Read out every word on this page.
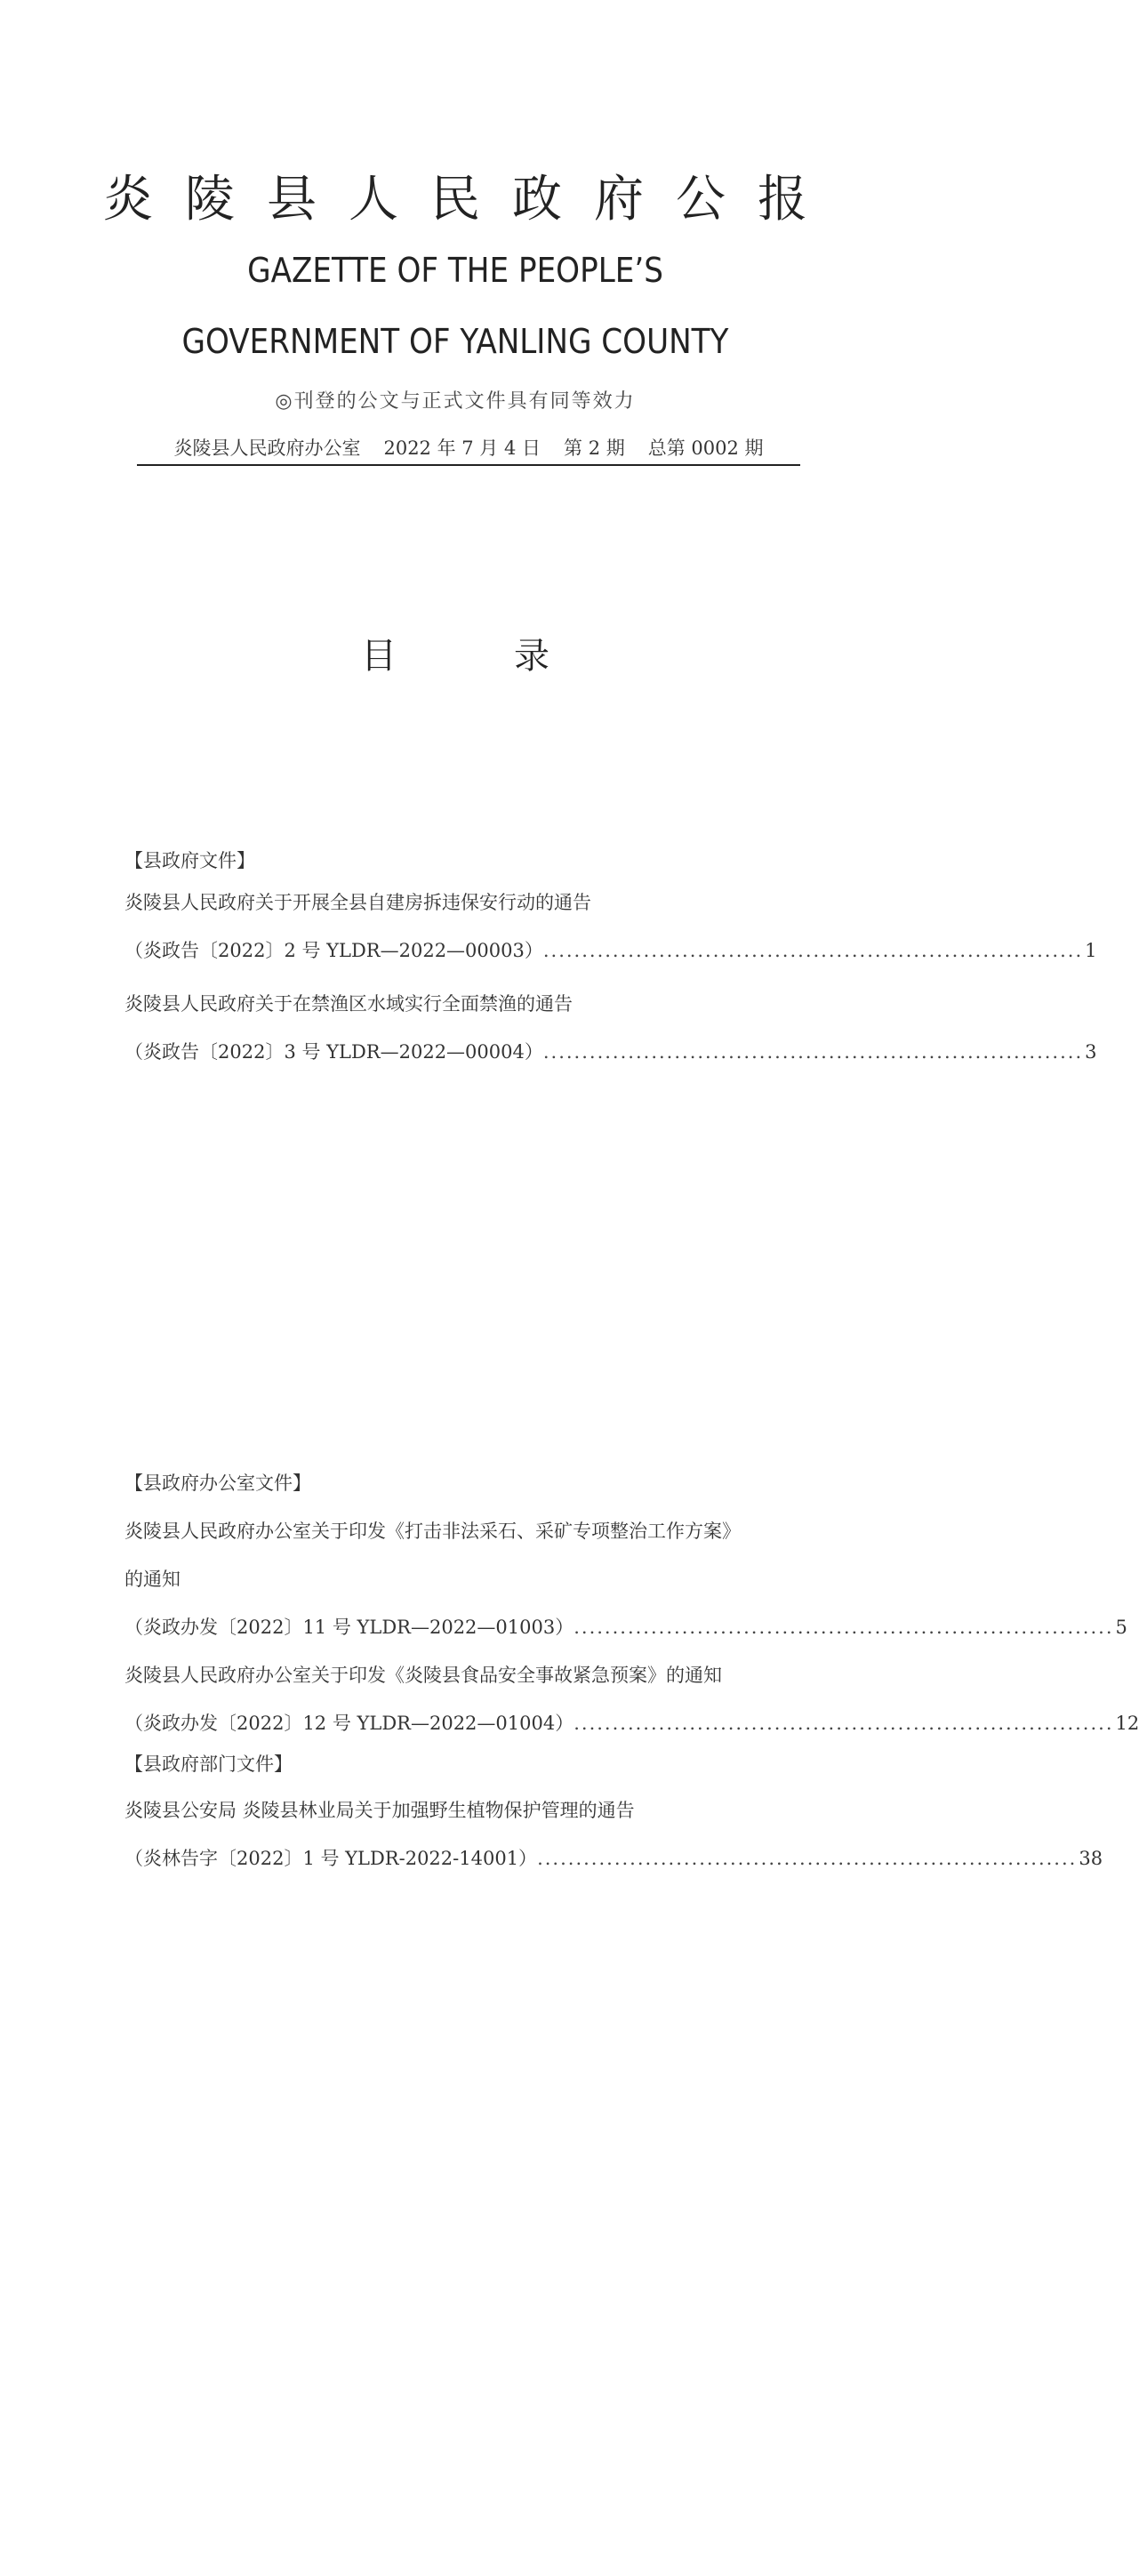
炎陵县人民政府公报
GAZETTE OF THE PEOPLE’S
GOVERNMENT OF YANLING COUNTY
◎刊登的公文与正式文件具有同等效力
炎陵县人民政府办公室 2022 年 7 月 4 日 第 2 期 总第 0002 期
目　录
【县政府文件】
炎陵县人民政府关于开展全县自建房拆违保安行动的通告
（炎政告〔2022〕2 号 YLDR—2022—00003） ...................................................................... 1
炎陵县人民政府关于在禁渔区水域实行全面禁渔的通告
（炎政告〔2022〕3 号 YLDR—2022—00004） ...................................................................... 3
【县政府办公室文件】
炎陵县人民政府办公室关于印发《打击非法采石、采矿专项整治工作方案》
的通知
（炎政办发〔2022〕11 号 YLDR—2022—01003） ...................................................................... 5
炎陵县人民政府办公室关于印发《炎陵县食品安全事故紧急预案》的通知
（炎政办发〔2022〕12 号 YLDR—2022—01004） ...................................................................... 12
【县政府部门文件】
炎陵县公安局 炎陵县林业局关于加强野生植物保护管理的通告
（炎林告字〔2022〕1 号 YLDR-2022-14001） ...................................................................... 38
